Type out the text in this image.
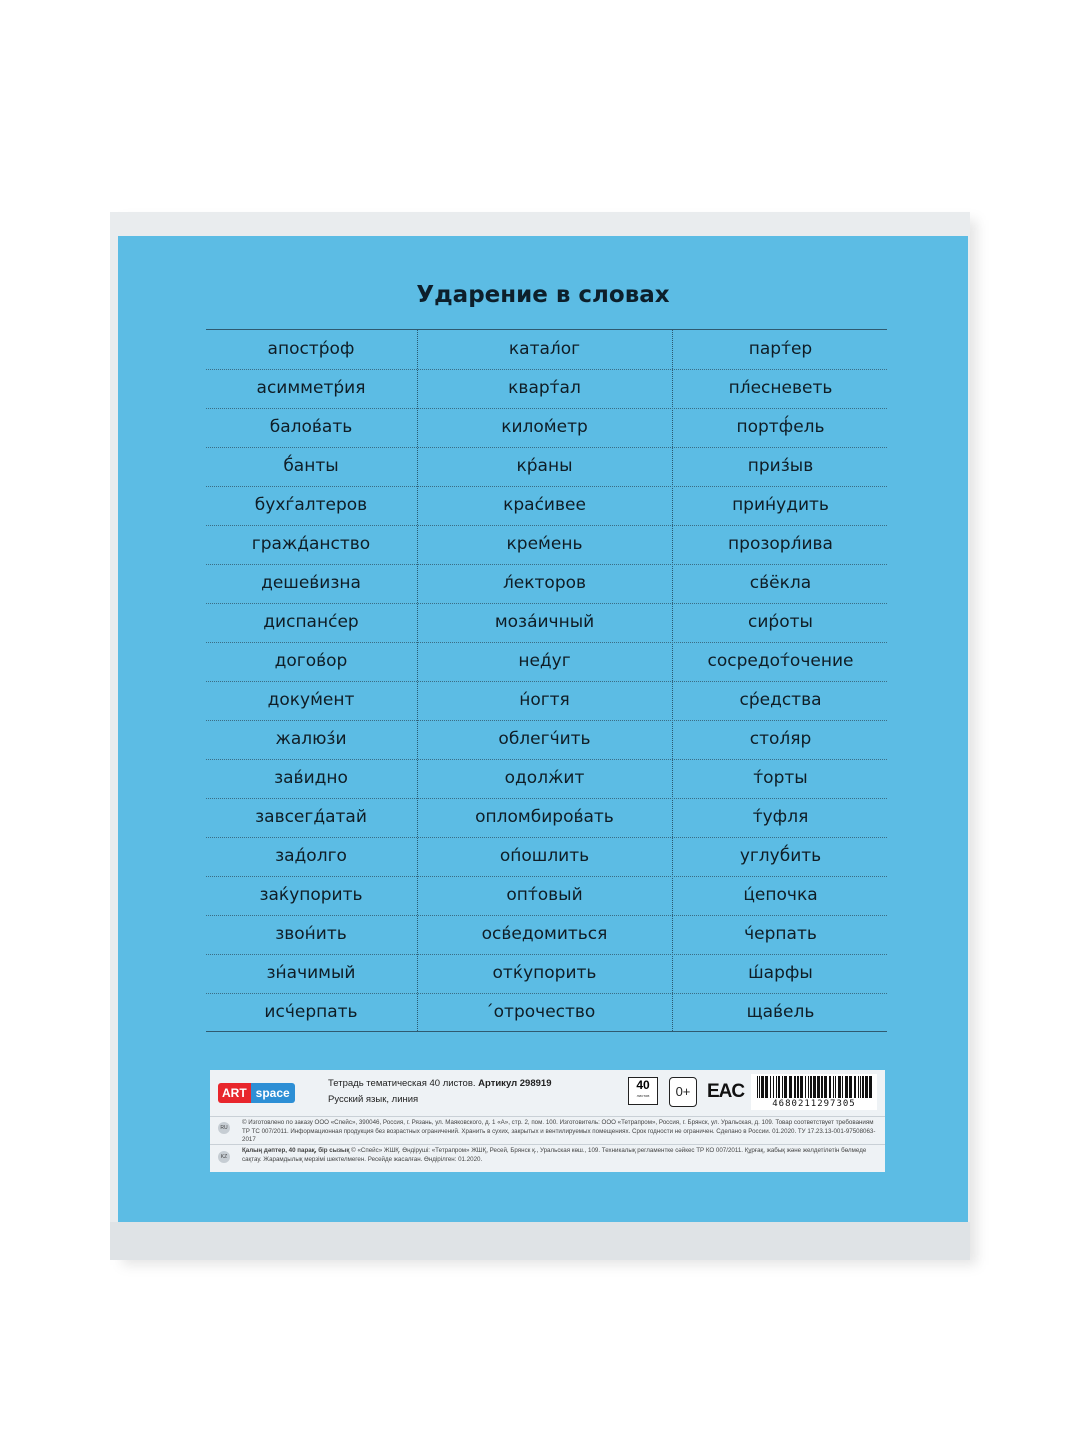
Ударение в словах
апостр́оф	катал́ог	парт́ер
асимметр́ия	кварт́ал	пл́есневеть
балов́ать	килом́етр	портф́ель
б́анты	кр́аны	приз́ыв
бухѓалтеров	крас́ивее	прин́удить
гражд́анство	крем́ень	прозорл́ива
дешев́изна	л́екторов	св́ёкла
диспанс́ер	моза́ичный	сир́оты
догов́ор	нед́уг	сосредот́очение
докум́ент	н́огтя	ср́едства
жалюз́и	облегч́ить	стол́яр
зав́идно	одолж́ит	т́орты
завсегд́атай	опломбиров́ать	т́уфля
зад́олго	оп́ошлить	углуб́ить
заќупорить	опт́овый	ц́епочка
звон́ить	осв́едомиться	ч́ерпать
зн́ачимый	отќупорить	ш́арфы
исч́ерпать	́отрочество	щав́ель
ART space
Тетрадь тематическая 40 листов. Артикул 298919
Русский язык, линия
40
листов	0+ EAC
4680211297305
RU
© Изготовлено по заказу ООО «Спейс», 390046, Россия, г. Рязань, ул. Маяковского, д. 1 «А», стр. 2, пом. 100. Изготовитель: ООО «Тетрапром», Россия, г. Брянск, ул. Уральская, д. 109. Товар соответствует требованиям ТР ТС 007/2011. Информационная продукция без возрастных ограничений. Хранить в сухих, закрытых и вентилируемых помещениях. Срок годности не ограничен. Сделано в России. 01.2020. ТУ 17.23.13-001-97508063-2017
KZ
Қалың дәптер, 40 парақ, бір сызық © «Спейс» ЖШҚ. Өндіруші: «Тетрапром» ЖШҚ, Ресей, Брянск қ., Уральская көш., 109. Техникалық регламентке сәйкес ТР КО 007/2011. Құрғақ, жабық және желдетілетін бөлмеде сақтау. Жарамдылық мерзімі шектелмеген. Ресейде жасалған. Өндірілген: 01.2020.
